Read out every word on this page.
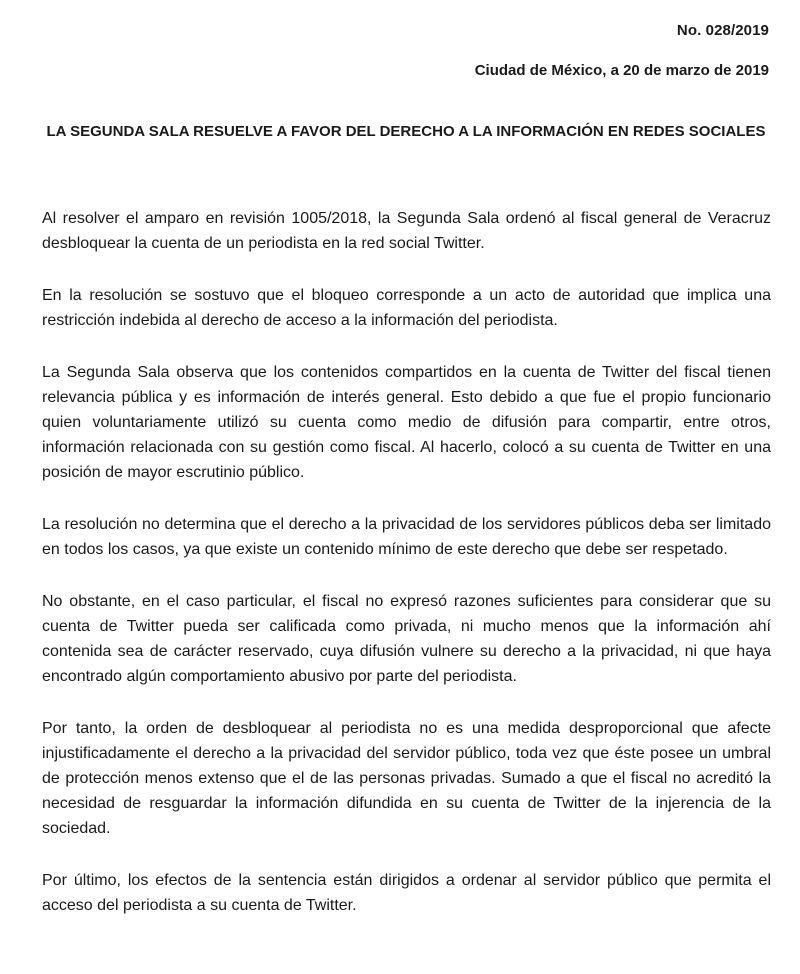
No. 028/2019
Ciudad de México, a 20 de marzo de 2019
LA SEGUNDA SALA RESUELVE A FAVOR DEL DERECHO A LA INFORMACIÓN EN REDES SOCIALES

Al resolver el amparo en revisión 1005/2018, la Segunda Sala ordenó al fiscal general de Veracruz desbloquear la cuenta de un periodista en la red social Twitter.

En la resolución se sostuvo que el bloqueo corresponde a un acto de autoridad que implica una restricción indebida al derecho de acceso a la información del periodista.

La Segunda Sala observa que los contenidos compartidos en la cuenta de Twitter del fiscal tienen relevancia pública y es información de interés general. Esto debido a que fue el propio funcionario quien voluntariamente utilizó su cuenta como medio de difusión para compartir, entre otros, información relacionada con su gestión como fiscal. Al hacerlo, colocó a su cuenta de Twitter en una posición de mayor escrutinio público.

La resolución no determina que el derecho a la privacidad de los servidores públicos deba ser limitado en todos los casos, ya que existe un contenido mínimo de este derecho que debe ser respetado.

No obstante, en el caso particular, el fiscal no expresó razones suficientes para considerar que su cuenta de Twitter pueda ser calificada como privada, ni mucho menos que la información ahí contenida sea de carácter reservado, cuya difusión vulnere su derecho a la privacidad, ni que haya encontrado algún comportamiento abusivo por parte del periodista.

Por tanto, la orden de desbloquear al periodista no es una medida desproporcional que afecte injustificadamente el derecho a la privacidad del servidor público, toda vez que éste posee un umbral de protección menos extenso que el de las personas privadas. Sumado a que el fiscal no acreditó la necesidad de resguardar la información difundida en su cuenta de Twitter de la injerencia de la sociedad.

Por último, los efectos de la sentencia están dirigidos a ordenar al servidor público que permita el acceso del periodista a su cuenta de Twitter.
